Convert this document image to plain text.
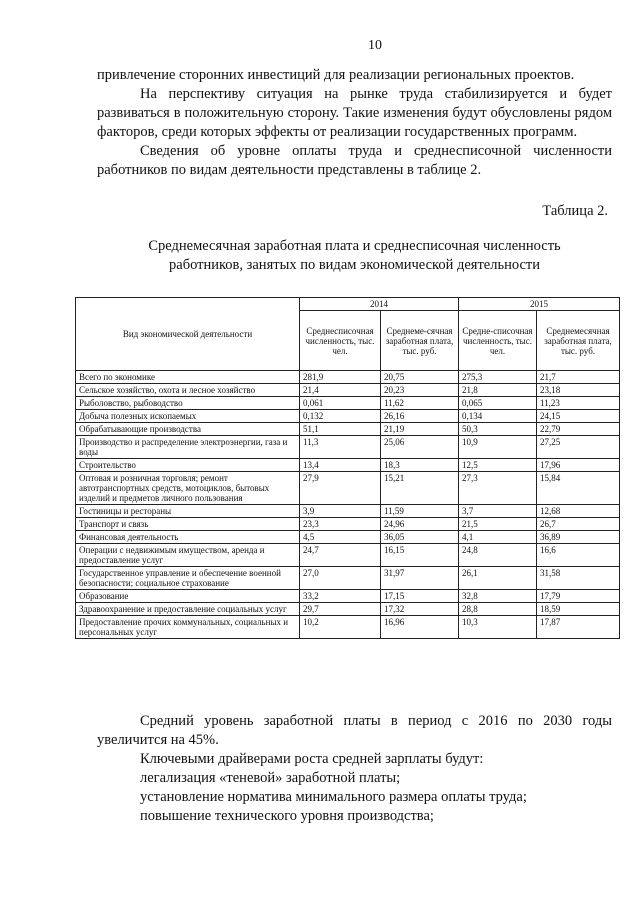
10

привлечение сторонних инвестиций для реализации региональных проектов.

На перспективу ситуация на рынке труда стабилизируется и будет развиваться в положительную сторону. Такие изменения будут обусловлены рядом факторов, среди которых эффекты от реализации государственных программ.

Сведения об уровне оплаты труда и среднесписочной численности работников по видам деятельности представлены в таблице 2.

Таблица 2.
Среднемесячная заработная плата и среднесписочная численность
работников, занятых по видам экономической деятельности
Вид экономической деятельности	2014		2015	
	Среднесписочная численность, тыс. чел.	Среднеме-сячная заработная плата, тыс. руб.	Средне-списочная численность, тыс. чел.	Среднемесячная заработная плата, тыс. руб.
Всего по экономике	281,9	20,75	275,3	21,7
Сельское хозяйство, охота и лесное хозяйство	21,4	20,23	21,8	23,18
Рыболовство, рыбоводство	0,061	11,62	0,065	11,23
Добыча полезных ископаемых	0,132	26,16	0,134	24,15
Обрабатывающие производства	51,1	21,19	50,3	22,79
Производство и распределение электроэнергии, газа и воды	11,3	25,06	10,9	27,25
Строительство	13,4	18,3	12,5	17,96
Оптовая и розничная торговля; ремонт автотранспортных средств, мотоциклов, бытовых изделий и предметов личного пользования	27,9	15,21	27,3	15,84
Гостиницы и рестораны	3,9	11,59	3,7	12,68
Транспорт и связь	23,3	24,96	21,5	26,7
Финансовая деятельность	4,5	36,05	4,1	36,89
Операции с недвижимым имуществом, аренда и предоставление услуг	24,7	16,15	24,8	16,6
Государственное управление и обеспечение военной безопасности; социальное страхование	27,0	31,97	26,1	31,58
Образование	33,2	17,15	32,8	17,79
Здравоохранение и предоставление социальных услуг	29,7	17,32	28,8	18,59
Предоставление прочих коммунальных, социальных и персональных услуг	10,2	16,96	10,3	17,87

Средний уровень заработной платы в период с 2016 по 2030 годы увеличится на 45%.

Ключевыми драйверами роста средней зарплаты будут:

легализация «теневой» заработной платы;

установление норматива минимального размера оплаты труда;

повышение технического уровня производства;
